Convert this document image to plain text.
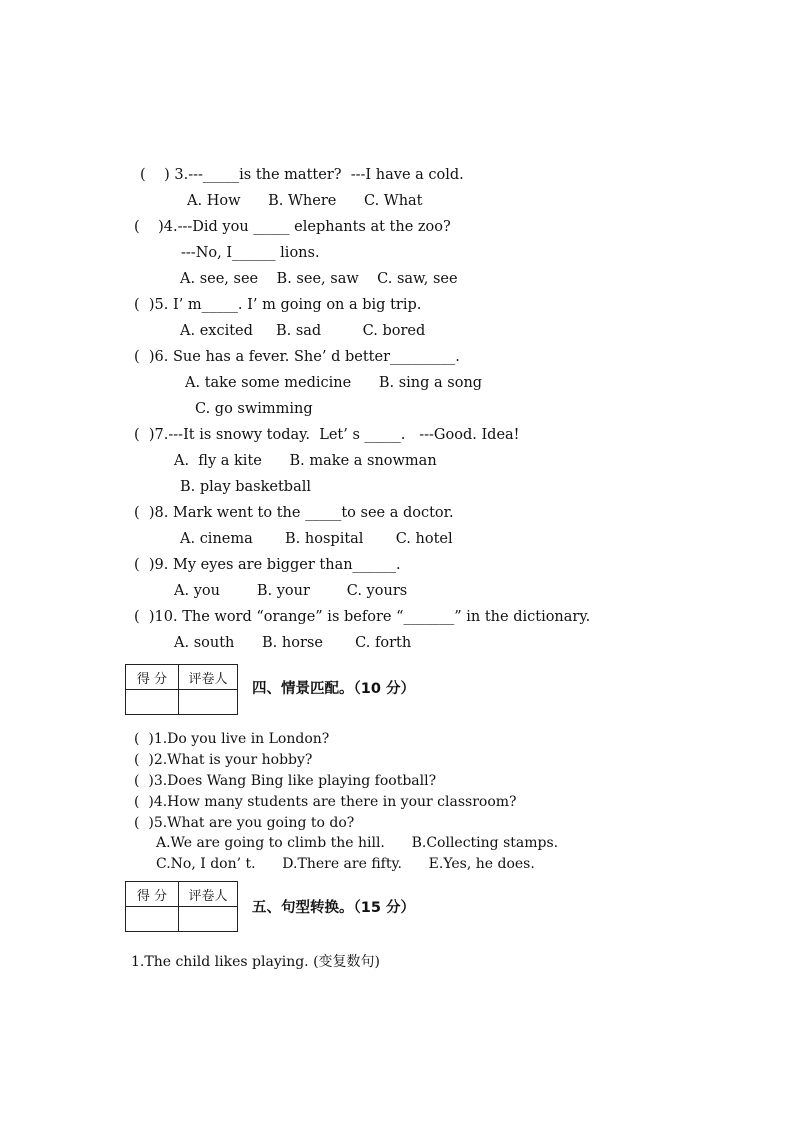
(    ) 3.---_____is the matter?  ---I have a cold.
A. How      B. Where      C. What
(    )4.---Did you _____ elephants at the zoo?
---No, I______ lions.
A. see, see    B. see, saw    C. saw, see
(  )5. I’ m_____. I’ m going on a big trip.
A. excited     B. sad         C. bored
(  )6. Sue has a fever. She’ d better_________.
A. take some medicine      B. sing a song
C. go swimming
(  )7.---It is snowy today.  Let’ s _____.   ---Good. Idea!
A.  fly a kite      B. make a snowman
B. play basketball
(  )8. Mark went to the _____to see a doctor.
A. cinema       B. hospital       C. hotel
(  )9. My eyes are bigger than______.
A. you        B. your        C. yours
(  )10. The word “orange” is before “_______” in the dictionary.
A. south      B. horse       C. forth
得 分	评卷人

四、情景匹配。（10 分）
(  )1.Do you live in London?
(  )2.What is your hobby?
(  )3.Does Wang Bing like playing football?
(  )4.How many students are there in your classroom?
(  )5.What are you going to do?
A.We are going to climb the hill.      B.Collecting stamps.
C.No, I don’ t.      D.There are fifty.      E.Yes, he does.
得 分	评卷人

五、句型转换。（15 分）
1.The child likes playing. (变复数句)
